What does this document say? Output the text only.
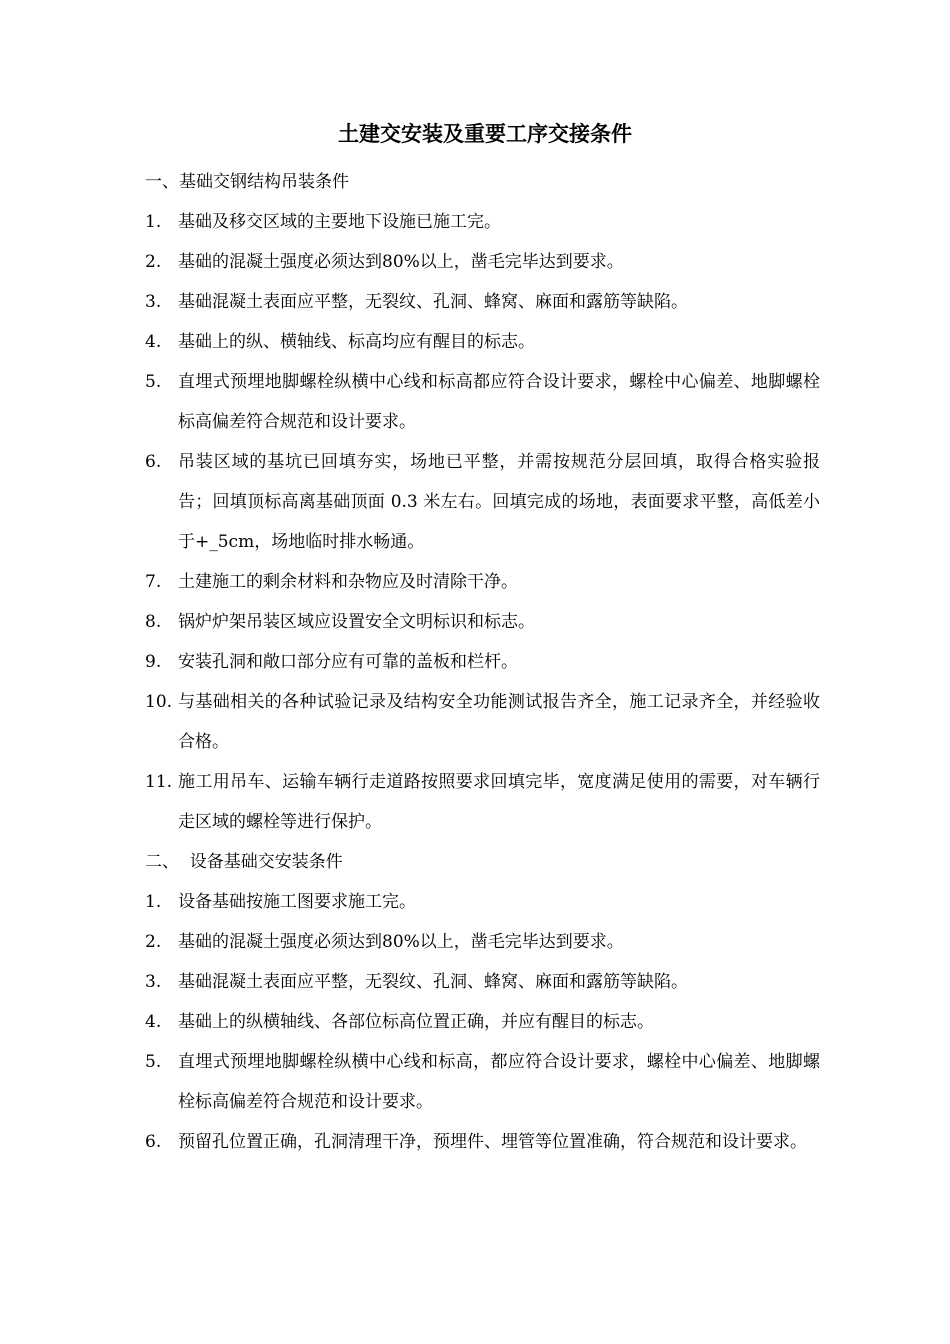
土建交安装及重要工序交接条件

一、基础交钢结构吊装条件

1. 基础及移交区域的主要地下设施已施工完。
2. 基础的混凝土强度必须达到80%以上，凿毛完毕达到要求。
3. 基础混凝土表面应平整，无裂纹、孔洞、蜂窝、麻面和露筋等缺陷。
4. 基础上的纵、横轴线、标高均应有醒目的标志。
5. 直埋式预埋地脚螺栓纵横中心线和标高都应符合设计要求，螺栓中心偏差、地脚螺栓标高偏差符合规范和设计要求。
6. 吊装区域的基坑已回填夯实，场地已平整，并需按规范分层回填，取得合格实验报告；回填顶标高离基础顶面 0.3 米左右。回填完成的场地，表面要求平整，高低差小于+_5cm，场地临时排水畅通。
7. 土建施工的剩余材料和杂物应及时清除干净。
8. 锅炉炉架吊装区域应设置安全文明标识和标志。
9. 安装孔洞和敞口部分应有可靠的盖板和栏杆。
10. 与基础相关的各种试验记录及结构安全功能测试报告齐全，施工记录齐全，并经验收合格。
11. 施工用吊车、运输车辆行走道路按照要求回填完毕，宽度满足使用的需要，对车辆行走区域的螺栓等进行保护。

二、  设备基础交安装条件

1. 设备基础按施工图要求施工完。
2. 基础的混凝土强度必须达到80%以上，凿毛完毕达到要求。
3. 基础混凝土表面应平整，无裂纹、孔洞、蜂窝、麻面和露筋等缺陷。
4. 基础上的纵横轴线、各部位标高位置正确，并应有醒目的标志。
5. 直埋式预埋地脚螺栓纵横中心线和标高，都应符合设计要求，螺栓中心偏差、地脚螺栓标高偏差符合规范和设计要求。
6. 预留孔位置正确，孔洞清理干净，预埋件、埋管等位置准确，符合规范和设计要求。
